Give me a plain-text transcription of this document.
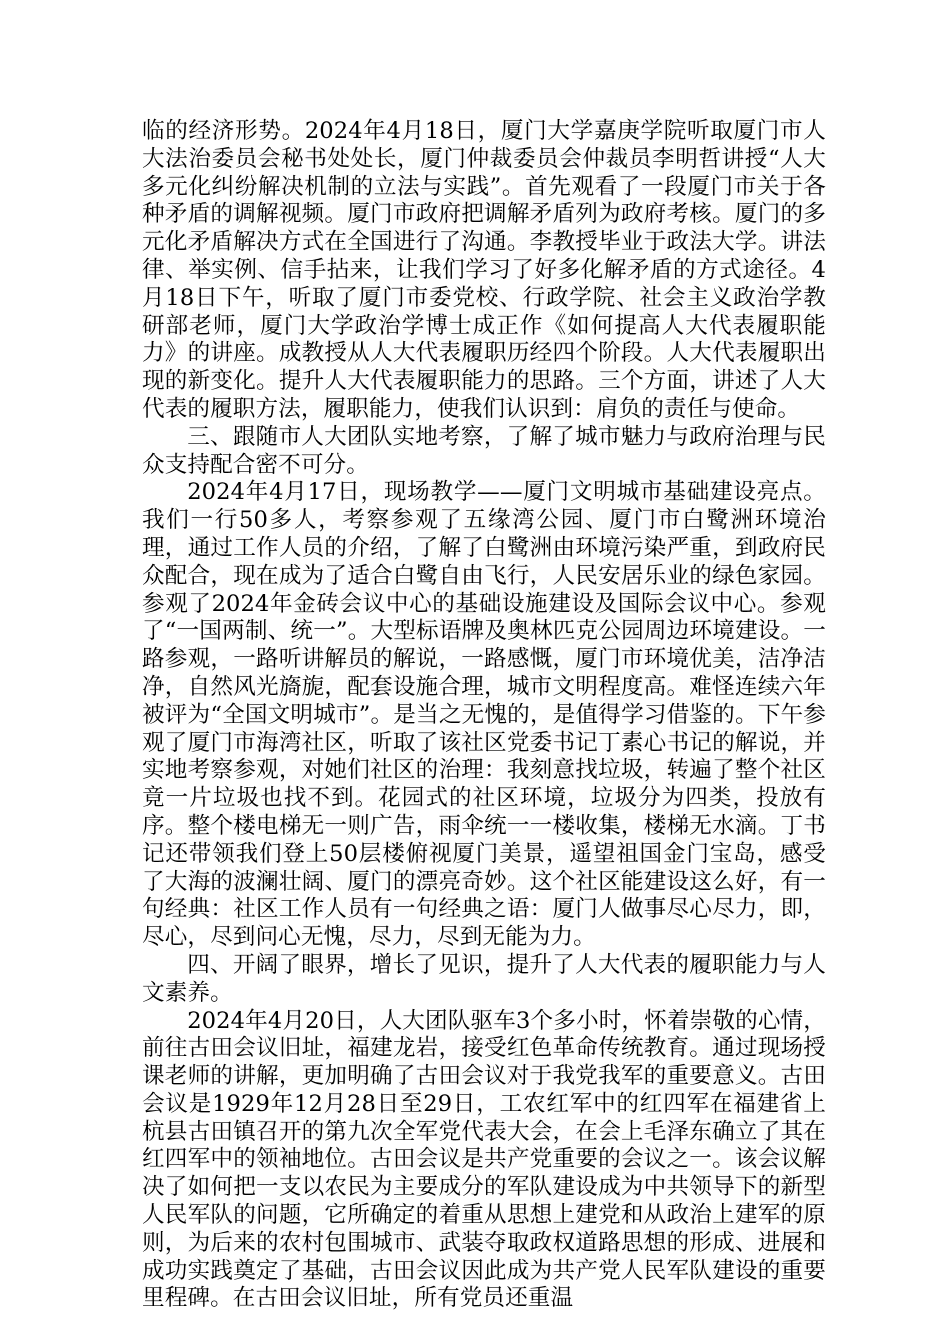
临的经济形势。2024年4月18日，厦门大学嘉庚学院听取厦门市人大法治委员会秘书处处长，厦门仲裁委员会仲裁员李明哲讲授“人大多元化纠纷解决机制的立法与实践”。首先观看了一段厦门市关于各种矛盾的调解视频。厦门市政府把调解矛盾列为政府考核。厦门的多元化矛盾解决方式在全国进行了沟通。李教授毕业于政法大学。讲法律、举实例、信手拈来，让我们学习了好多化解矛盾的方式途径。4月18日下午，听取了厦门市委党校、行政学院、社会主义政治学教研部老师，厦门大学政治学博士成正作《如何提高人大代表履职能力》的讲座。成教授从人大代表履职历经四个阶段。人大代表履职出现的新变化。提升人大代表履职能力的思路。三个方面，讲述了人大代表的履职方法，履职能力，使我们认识到：肩负的责任与使命。

三、跟随市人大团队实地考察，了解了城市魅力与政府治理与民众支持配合密不可分。

2024年4月17日，现场教学——厦门文明城市基础建设亮点。我们一行50多人，考察参观了五缘湾公园、厦门市白鹭洲环境治理，通过工作人员的介绍，了解了白鹭洲由环境污染严重，到政府民众配合，现在成为了适合白鹭自由飞行，人民安居乐业的绿色家园。参观了2024年金砖会议中心的基础设施建设及国际会议中心。参观了“一国两制、统一”。大型标语牌及奥林匹克公园周边环境建设。一路参观，一路听讲解员的解说，一路感慨，厦门市环境优美，洁净洁净，自然风光旖旎，配套设施合理，城市文明程度高。难怪连续六年被评为“全国文明城市”。是当之无愧的，是值得学习借鉴的。下午参观了厦门市海湾社区，听取了该社区党委书记丁素心书记的解说，并实地考察参观，对她们社区的治理：我刻意找垃圾，转遍了整个社区竟一片垃圾也找不到。花园式的社区环境，垃圾分为四类，投放有序。整个楼电梯无一则广告，雨伞统一一楼收集，楼梯无水滴。丁书记还带领我们登上50层楼俯视厦门美景，遥望祖国金门宝岛，感受了大海的波澜壮阔、厦门的漂亮奇妙。这个社区能建设这么好，有一句经典：社区工作人员有一句经典之语：厦门人做事尽心尽力，即，尽心，尽到问心无愧，尽力，尽到无能为力。

四、开阔了眼界，增长了见识，提升了人大代表的履职能力与人文素养。

2024年4月20日，人大团队驱车3个多小时，怀着崇敬的心情，前往古田会议旧址，福建龙岩，接受红色革命传统教育。通过现场授课老师的讲解，更加明确了古田会议对于我党我军的重要意义。古田会议是1929年12月28日至29日，工农红军中的红四军在福建省上杭县古田镇召开的第九次全军党代表大会，在会上毛泽东确立了其在红四军中的领袖地位。古田会议是共产党重要的会议之一。该会议解决了如何把一支以农民为主要成分的军队建设成为中共领导下的新型人民军队的问题，它所确定的着重从思想上建党和从政治上建军的原则，为后来的农村包围城市、武装夺取政权道路思想的形成、进展和成功实践奠定了基础，古田会议因此成为共产党人民军队建设的重要里程碑。在古田会议旧址，所有党员还重温
